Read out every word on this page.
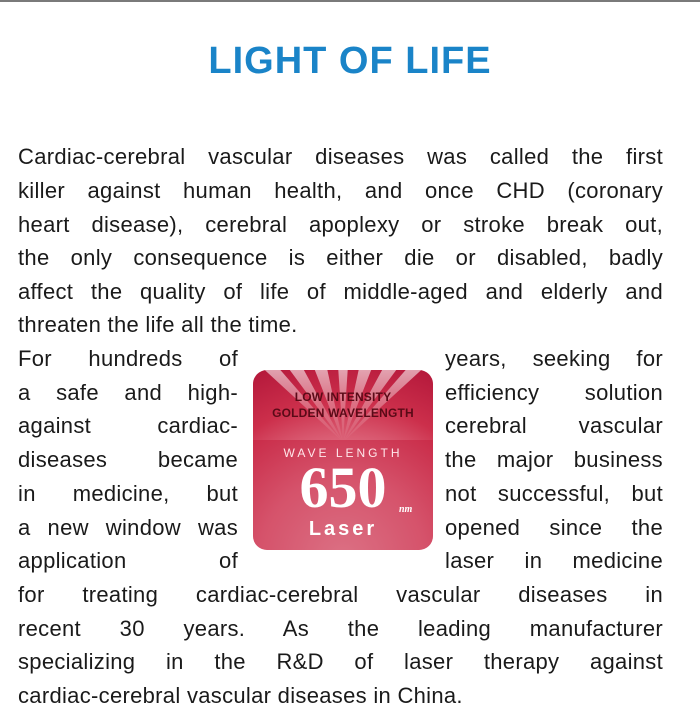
LIGHT OF LIFE
Cardiac-cerebral vascular diseases was called the first
killer against human health, and once CHD (coronary
heart disease), cerebral apoplexy or stroke break out,
the only consequence is either die or disabled, badly
affect the quality of life of middle-aged and elderly and
threaten the life all the time.
For hundreds of
a safe and high-
against cardiac-
diseases became
in medicine, but
a new window was
application of
years, seeking for
efficiency solution
cerebral vascular
the major business
not successful, but
opened since the
laser in medicine
for treating cardiac-cerebral vascular diseases in
recent 30 years. As the leading manufacturer
specializing in the R&D of laser therapy against
cardiac-cerebral vascular diseases in China.
LOW INTENSITY
GOLDEN WAVELENGTH
WAVE LENGTH
650	nm
Laser
